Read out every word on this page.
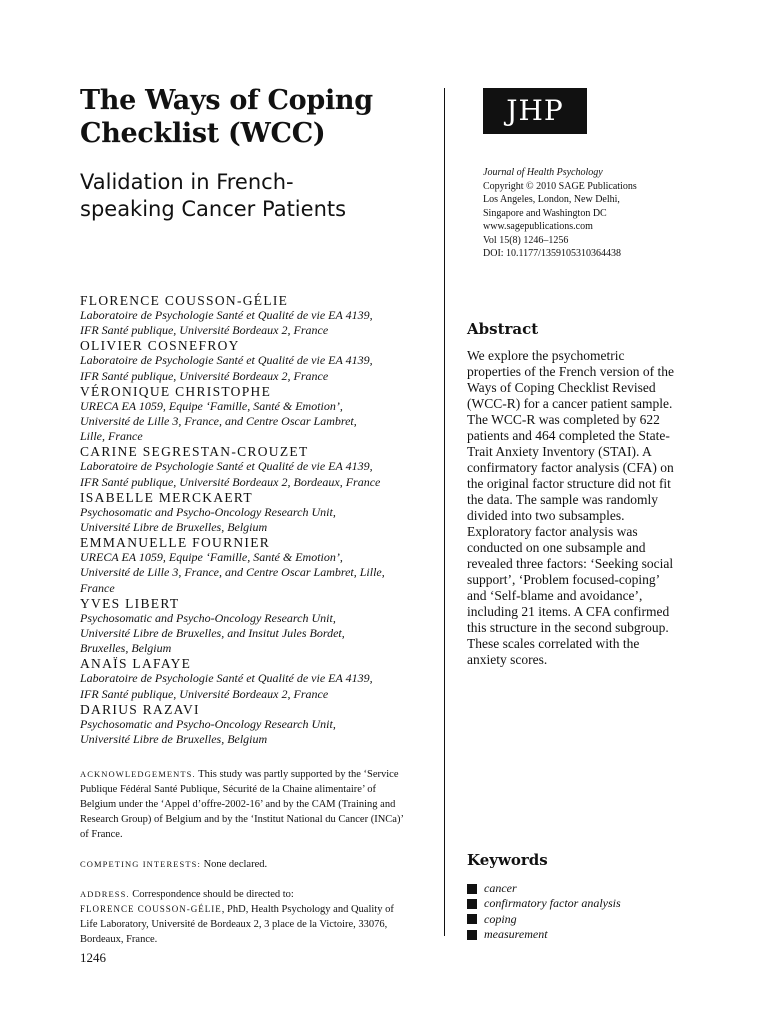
The Ways of Coping
Checklist (WCC)
Validation in French-
speaking Cancer Patients
FLORENCE COUSSON-GÉLIE
Laboratoire de Psychologie Santé et Qualité de vie EA 4139,
IFR Santé publique, Université Bordeaux 2, France
OLIVIER COSNEFROY
Laboratoire de Psychologie Santé et Qualité de vie EA 4139,
IFR Santé publique, Université Bordeaux 2, France
VÉRONIQUE CHRISTOPHE
URECA EA 1059, Equipe ‘Famille, Santé & Emotion’,
Université de Lille 3, France, and Centre Oscar Lambret,
Lille, France
CARINE SEGRESTAN-CROUZET
Laboratoire de Psychologie Santé et Qualité de vie EA 4139,
IFR Santé publique, Université Bordeaux 2, Bordeaux, France
ISABELLE MERCKAERT
Psychosomatic and Psycho-Oncology Research Unit,
Université Libre de Bruxelles, Belgium
EMMANUELLE FOURNIER
URECA EA 1059, Equipe ‘Famille, Santé & Emotion’,
Université de Lille 3, France, and Centre Oscar Lambret, Lille,
France
YVES LIBERT
Psychosomatic and Psycho-Oncology Research Unit,
Université Libre de Bruxelles, and Insitut Jules Bordet,
Bruxelles, Belgium
ANAÏS LAFAYE
Laboratoire de Psychologie Santé et Qualité de vie EA 4139,
IFR Santé publique, Université Bordeaux 2, France
DARIUS RAZAVI
Psychosomatic and Psycho-Oncology Research Unit,
Université Libre de Bruxelles, Belgium

ACKNOWLEDGEMENTS. This study was partly supported by the ‘Service
Publique Fédéral Santé Publique, Sécurité de la Chaine alimentaire’ of
Belgium under the ‘Appel d’offre-2002-16’ and by the CAM (Training and
Research Group) of Belgium and by the ‘Institut National du Cancer (INCa)’
of France.

COMPETING INTERESTS: None declared.

ADDRESS. Correspondence should be directed to:
FLORENCE COUSSON-GÉLIE, PhD, Health Psychology and Quality of
Life Laboratory, Université de Bordeaux 2, 3 place de la Victoire, 33076,
Bordeaux, France.

1246
JHP
Journal of Health Psychology
Copyright © 2010 SAGE Publications
Los Angeles, London, New Delhi,
Singapore and Washington DC
www.sagepublications.com
Vol 15(8) 1246–1256
DOI: 10.1177/1359105310364438
Abstract
We explore the psychometric
properties of the French version of the
Ways of Coping Checklist Revised
(WCC-R) for a cancer patient sample.
The WCC-R was completed by 622
patients and 464 completed the State-
Trait Anxiety Inventory (STAI). A
confirmatory factor analysis (CFA) on
the original factor structure did not fit
the data. The sample was randomly
divided into two subsamples.
Exploratory factor analysis was
conducted on one subsample and
revealed three factors: ‘Seeking social
support’, ‘Problem focused-coping’
and ‘Self-blame and avoidance’,
including 21 items. A CFA confirmed
this structure in the second subgroup.
These scales correlated with the
anxiety scores.
Keywords
cancer
confirmatory factor analysis
coping
measurement
